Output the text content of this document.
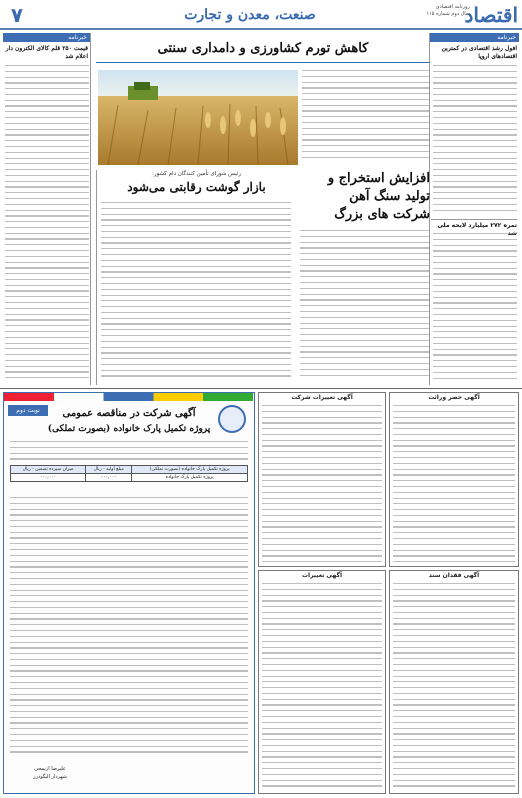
اقتصاد
روزنامه اقتصادی
سال دوم شماره ۱۱۵
صنعت، معدن و تجارت
۷
خبرنامه
افول رشد اقتصادی در کمترین اقتصادهای اروپا
تمره ۲۷۲ میلیارد لایحه ملی
خبرنامه
قیمت ۲۵۰ قلم کالای الکترون دار اعلام شد
کاهش تورم کشاورزی و دامداری سنتی
افزایش استخراج و
تولید سنگ آهن
شرکت های بزرگ
رئیس شورای تأمین کنندگان دام کشور:
بازار گوشت رقابتی می‌شود
نوبت دوم	آگهی شرکت در مناقصه عمومی
پروژه تکمیل پارک خانواده (بصورت تملکی)
پروژه تکمیل پارک خانواده (بصورت تملکی)	مبلغ اولیه - ریال	میزان سپرده تضمین - ریال
پروژه تکمیل پارک خانواده	۰۰۰,۰۰۰	۰۰۰,۰۰۰
علیرضا ازیمجی
شهردار الیگودرز
آگهی تغییرات شرکت	آگهی حصر وراثت
آگهی تغییرات	آگهی فقدان سند
